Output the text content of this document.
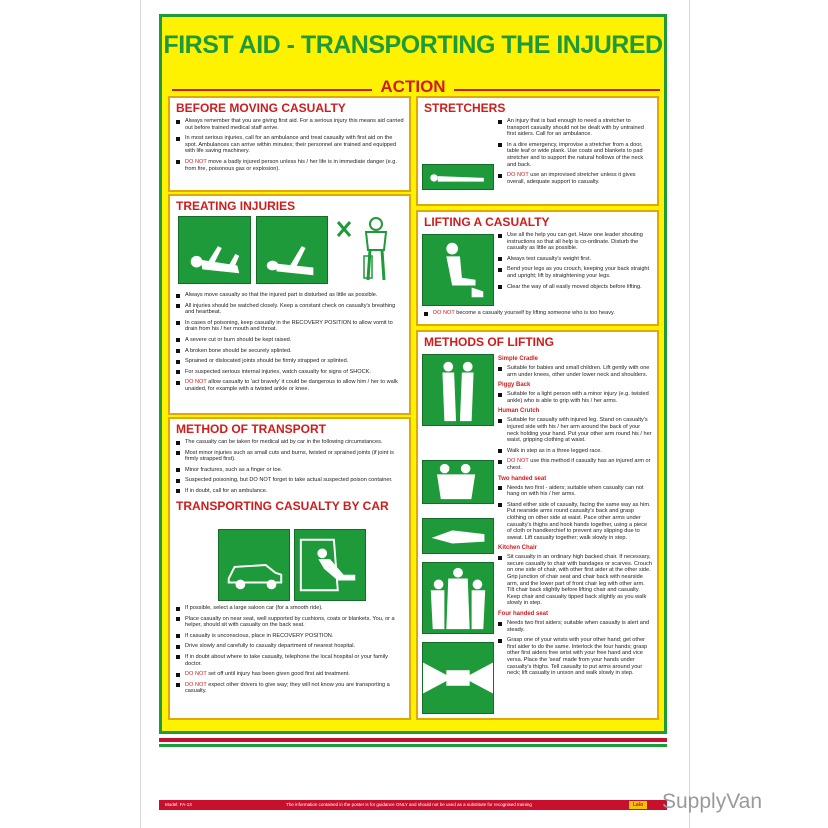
FIRST AID - TRANSPORTING THE INJURED
ACTION
BEFORE MOVING CASUALTY
Always remember that you are giving first aid. For a serious injury this means aid carried out before trained medical staff arrive.
In most serious injuries, call for an ambulance and treat casualty with first aid on the spot. Ambulances can arrive within minutes; their personnel are trained and equipped with life saving machinery.
DO NOT move a badly injured person unless his / her life is in immediate danger (e.g. from fire, poisonous gas or explosion).
TREATING INJURIES
Always move casualty so that the injured part is disturbed as little as possible.
All injuries should be watched closely. Keep a constant check on casualty's breathing and heartbeat.
In cases of poisoning, keep casualty in the RECOVERY POSITION to allow vomit to drain from his / her mouth and throat.
A severe cut or burn should be kept raised.
A broken bone should be securely splinted.
Sprained or dislocated joints should be firmly strapped or splinted.
For suspected serious internal injuries, watch casualty for signs of SHOCK.
DO NOT allow casualty to 'act bravely' it could be dangerous to allow him / her to walk unaided, for example with a twisted ankle or knee.
METHOD OF TRANSPORT
The casualty can be taken for medical aid by car in the following circumstances.
Most minor injuries such as small cuts and burns, twisted or sprained joints (if joint is firmly strapped first).
Minor fractures, such as a finger or toe.
Suspected poisoning, but DO NOT forget to take actual suspected poison container.
If in doubt, call for an ambulance.
TRANSPORTING CASUALTY BY CAR
If possible, select a large saloon car (for a smooth ride).
Place casualty on near seat, well supported by cushions, coats or blankets. You, or a helper, should sit with casualty on the back seat.
If casualty is unconscious, place in RECOVERY POSITION.
Drive slowly and carefully to casualty department of nearest hospital.
If in doubt about where to take casualty, telephone the local hospital or your family doctor.
DO NOT set off until injury has been given good first aid treatment.
DO NOT expect other drivers to give way; they will not know you are transporting a casualty.
STRETCHERS
An injury that is bad enough to need a stretcher to transport casualty should not be dealt with by untrained first aiders. Call for an ambulance.
In a dire emergency, improvise a stretcher from a door, table leaf or wide plank. Use coats and blankets to pad stretcher and to support the natural hollows of the neck and back.
DO NOT use an improvised stretcher unless it gives overall, adequate support to casualty.
LIFTING A CASUALTY
Use all the help you can get. Have one leader shouting instructions so that all help is co-ordinate. Disturb the casualty as little as possible.
Always test casualty's weight first.
Bend your legs as you crouch, keeping your back straight and upright; lift by straightening your legs.
Clear the way of all easily moved objects before lifting.
DO NOT become a casualty yourself by lifting someone who is too heavy.
METHODS OF LIFTING
Simple Cradle
Suitable for babies and small children. Lift gently with one arm under knees, other under lower neck and shoulders.
Piggy Back
Suitable for a light person with a minor injury (e.g. twisted ankle) who is able to grip with his / her arms.
Human Crutch
Suitable for casualty with injured leg. Stand on casualty's injured side with his / her arm around the back of your neck holding your hand. Put your other arm round his / her waist, gripping clothing at waist.
Walk in step as in a three legged race.
DO NOT use this method if casualty has an injured arm or chest.
Two handed seat
Needs two first - aiders; suitable when casualty can not hang on with his / her arms.
Stand either side of casualty, facing the same way as him. Put nearside arms round casualty's back and grasp clothing on other side at waist. Pace other arms under casualty's thighs and hook hands together, using a piece of cloth or handkerchief to prevent any slipping due to sweat. Lift casualty together; walk slowly in step.
Kitchen Chair
Sit casualty in an ordinary high backed chair. If necessary, secure casualty to chair with bandages or scarves. Crouch on one side of chair, with other first aider at the other side. Grip junction of chair seat and chair back with nearside arm, and the lower part of front chair leg with other arm. Tilt chair back slightly before lifting chair and casualty. Keep chair and casualty tipped back slightly as you walk slowly in step.
Four handed seat
Needs two first aiders; suitable when casualty is alert and steady.
Grasp one of your wrists with your other hand; get other first aider to do the same. Interlock the four hands; grasp other first aiders free wrist with your free hand and vice versa. Place the 'seat' made from your hands under casualty's thighs. Tell casualty to put arms around your neck; lift casualty in unison and walk slowly in step.
Model: FA-13	The information contained in the poster is for guidance ONLY and should not be used as a substitute for recognised training	Lalo SupplyVan
